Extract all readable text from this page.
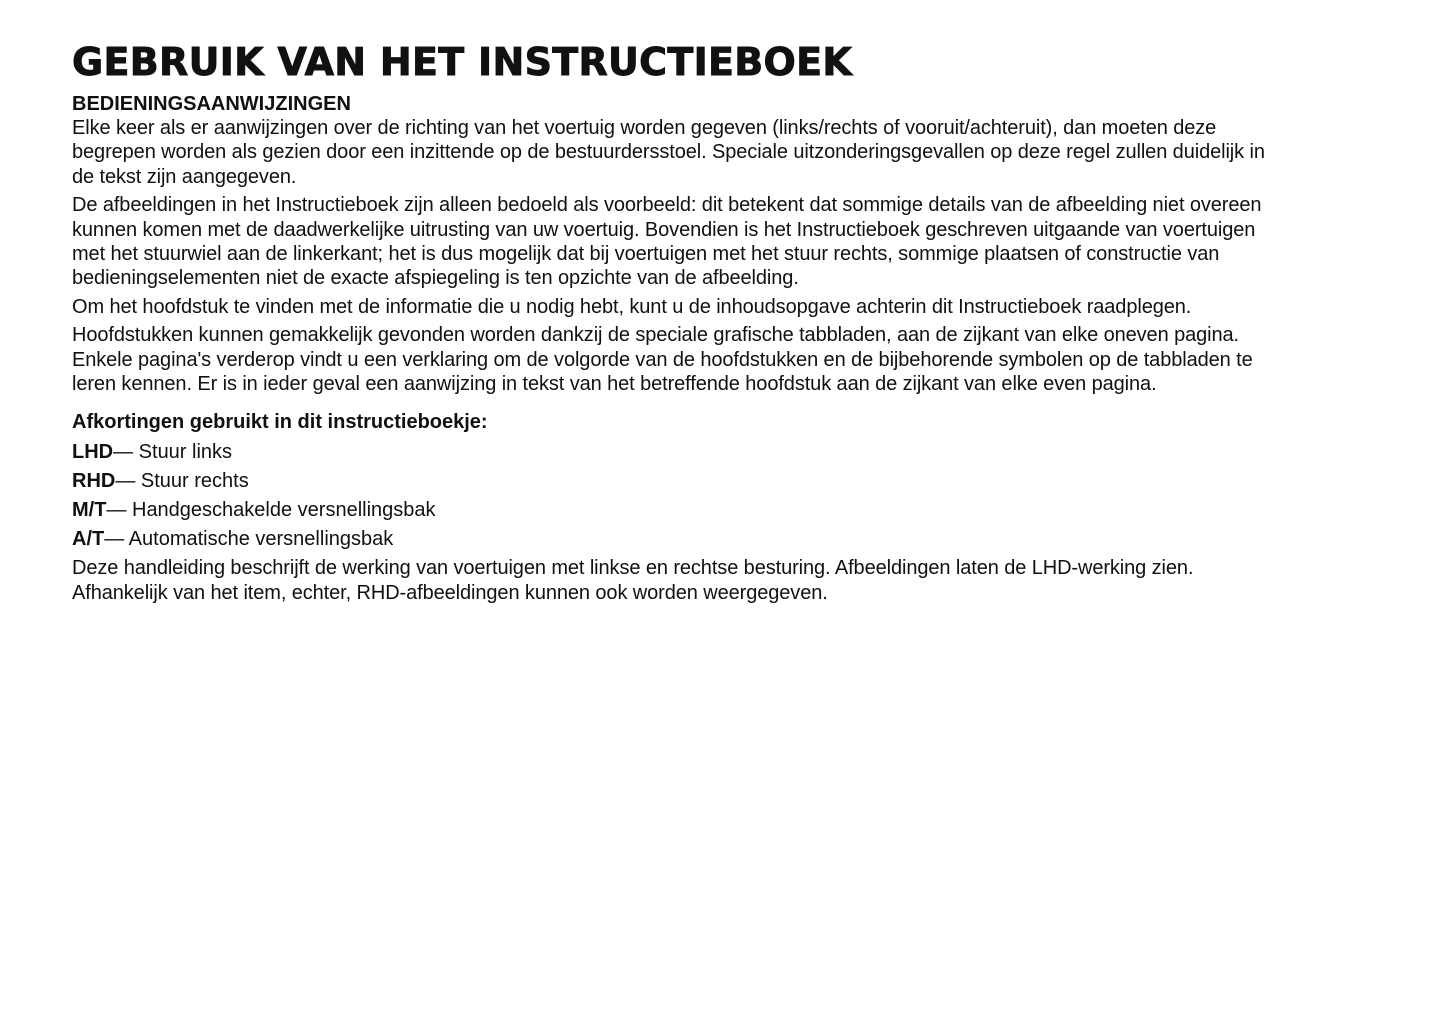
GEBRUIK VAN HET INSTRUCTIEBOEK
BEDIENINGSAANWIJZINGEN

Elke keer als er aanwijzingen over de richting van het voertuig worden gegeven (links/rechts of vooruit/achteruit), dan moeten deze begrepen worden als gezien door een inzittende op de bestuurdersstoel. Speciale uitzonderingsgevallen op deze regel zullen duidelijk in de tekst zijn aangegeven.

De afbeeldingen in het Instructieboek zijn alleen bedoeld als voorbeeld: dit betekent dat sommige details van de afbeelding niet overeen kunnen komen met de daadwerkelijke uitrusting van uw voertuig. Bovendien is het Instructieboek geschreven uitgaande van voertuigen met het stuurwiel aan de linkerkant; het is dus mogelijk dat bij voertuigen met het stuur rechts, sommige plaatsen of constructie van bedieningselementen niet de exacte afspiegeling is ten opzichte van de afbeelding.

Om het hoofdstuk te vinden met de informatie die u nodig hebt, kunt u de inhoudsopgave achterin dit Instructieboek raadplegen.

Hoofdstukken kunnen gemakkelijk gevonden worden dankzij de speciale grafische tabbladen, aan de zijkant van elke oneven pagina. Enkele pagina's verderop vindt u een verklaring om de volgorde van de hoofdstukken en de bijbehorende symbolen op de tabbladen te leren kennen. Er is in ieder geval een aanwijzing in tekst van het betreffende hoofdstuk aan de zijkant van elke even pagina.

Afkortingen gebruikt in dit instructieboekje:
LHD— Stuur links
RHD— Stuur rechts
M/T— Handgeschakelde versnellingsbak
A/T— Automatische versnellingsbak

Deze handleiding beschrijft de werking van voertuigen met linkse en rechtse besturing. Afbeeldingen laten de LHD-werking zien. Afhankelijk van het item, echter, RHD-afbeeldingen kunnen ook worden weergegeven.
